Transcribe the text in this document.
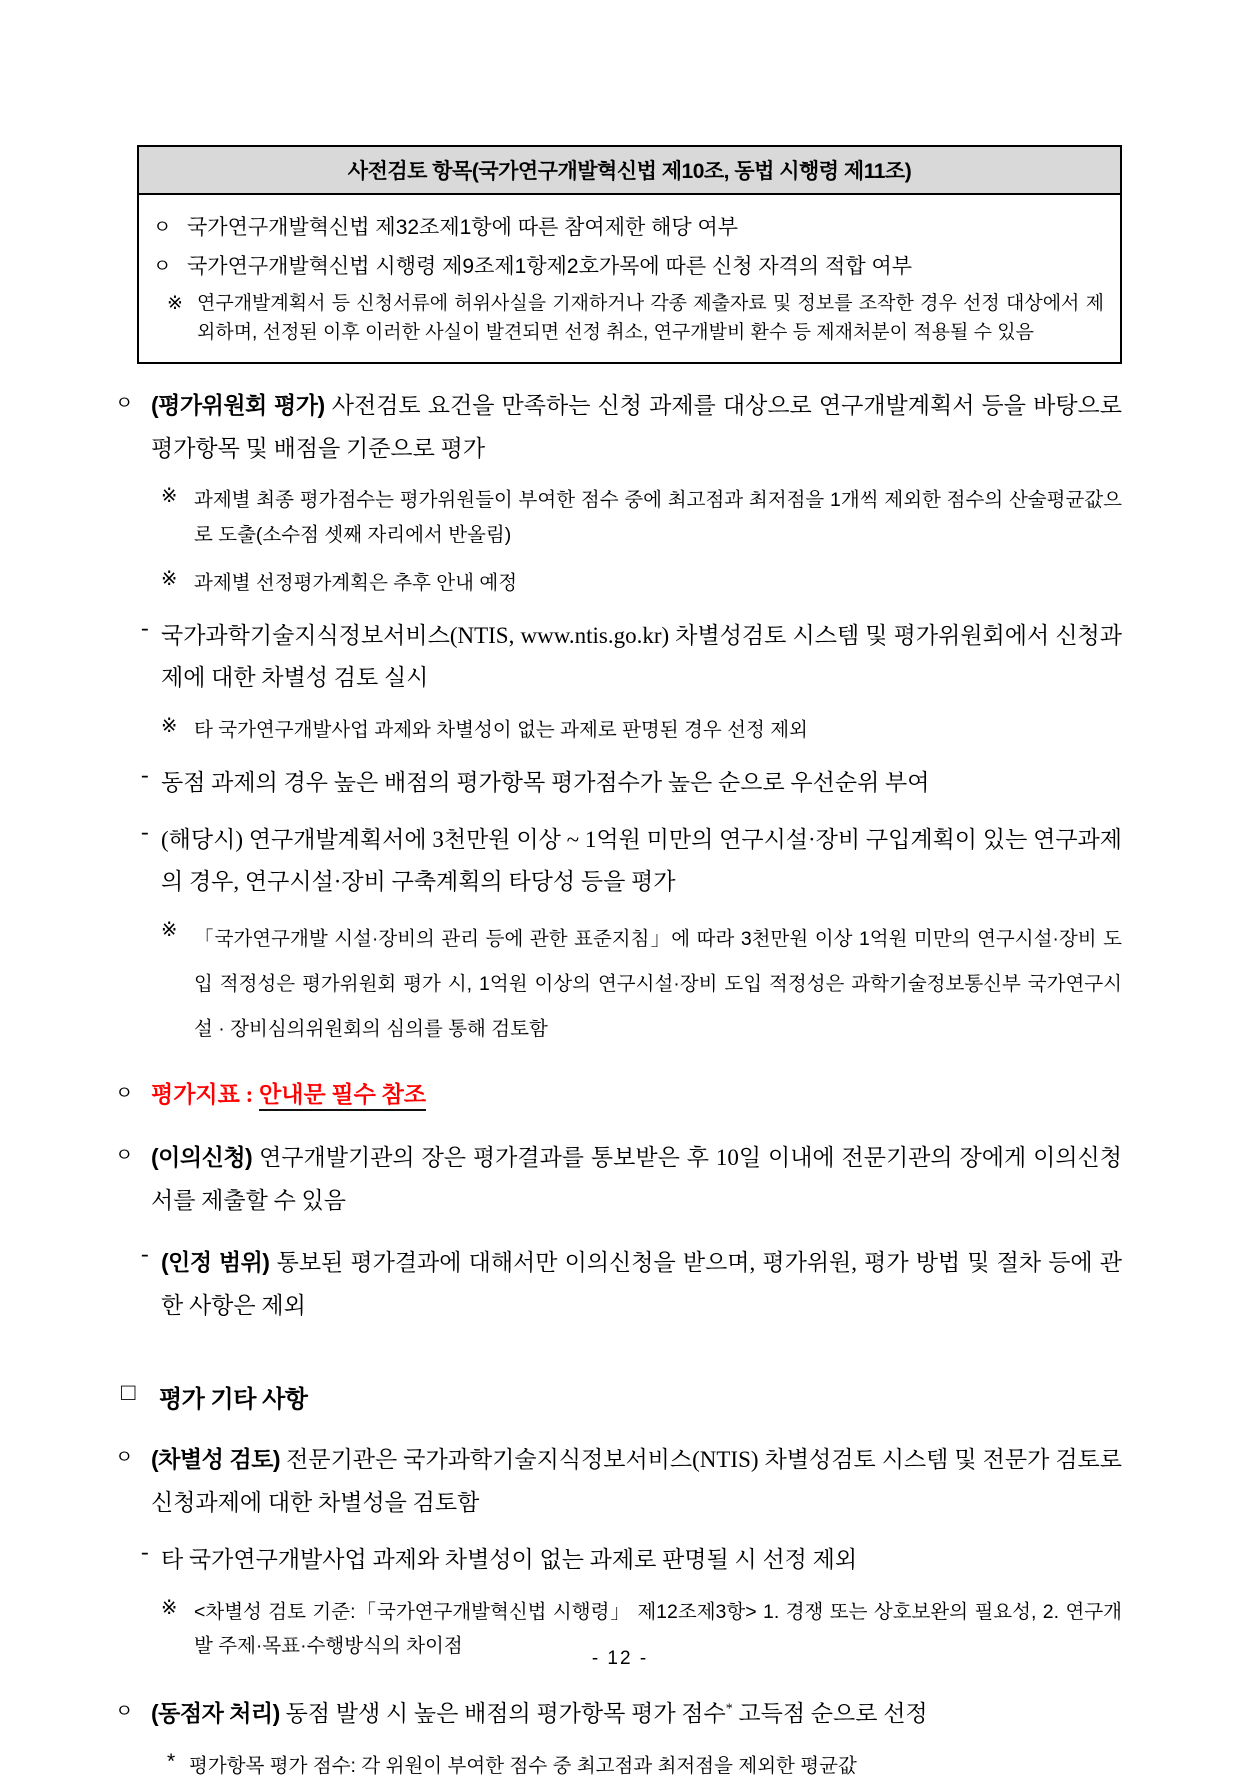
사전검토 항목(국가연구개발혁신법 제10조, 동법 시행령 제11조)
ㅇ 국가연구개발혁신법 제32조제1항에 따른 참여제한 해당 여부

ㅇ 국가연구개발혁신법 시행령 제9조제1항제2호가목에 따른 신청 자격의 적합 여부

※ 연구개발계획서 등 신청서류에 허위사실을 기재하거나 각종 제출자료 및 정보를 조작한 경우 선정 대상에서 제외하며, 선정된 이후 이러한 사실이 발견되면 선정 취소, 연구개발비 환수 등 제재처분이 적용될 수 있음

ㅇ (평가위원회 평가) 사전검토 요건을 만족하는 신청 과제를 대상으로 연구개발계획서 등을 바탕으로 평가항목 및 배점을 기준으로 평가

※ 과제별 최종 평가점수는 평가위원들이 부여한 점수 중에 최고점과 최저점을 1개씩 제외한 점수의 산술평균값으로 도출(소수점 셋째 자리에서 반올림)

※ 과제별 선정평가계획은 추후 안내 예정

- 국가과학기술지식정보서비스(NTIS, www.ntis.go.kr) 차별성검토 시스템 및 평가위원회에서 신청과제에 대한 차별성 검토 실시

※ 타 국가연구개발사업 과제와 차별성이 없는 과제로 판명된 경우 선정 제외

- 동점 과제의 경우 높은 배점의 평가항목 평가점수가 높은 순으로 우선순위 부여

- (해당시) 연구개발계획서에 3천만원 이상 ~ 1억원 미만의 연구시설·장비 구입계획이 있는 연구과제의 경우, 연구시설·장비 구축계획의 타당성 등을 평가

※ 「국가연구개발 시설·장비의 관리 등에 관한 표준지침」에 따라 3천만원 이상 1억원 미만의 연구시설·장비 도입 적정성은 평가위원회 평가 시, 1억원 이상의 연구시설·장비 도입 적정성은 과학기술정보통신부 국가연구시설 · 장비심의위원회의 심의를 통해 검토함

ㅇ 평가지표 : 안내문 필수 참조

ㅇ (이의신청) 연구개발기관의 장은 평가결과를 통보받은 후 10일 이내에 전문기관의 장에게 이의신청서를 제출할 수 있음

- (인정 범위) 통보된 평가결과에 대해서만 이의신청을 받으며, 평가위원, 평가 방법 및 절차 등에 관한 사항은 제외

□	평가 기타 사항
ㅇ (차별성 검토) 전문기관은 국가과학기술지식정보서비스(NTIS) 차별성검토 시스템 및 전문가 검토로 신청과제에 대한 차별성을 검토함

- 타 국가연구개발사업 과제와 차별성이 없는 과제로 판명될 시 선정 제외

※ <차별성 검토 기준:「국가연구개발혁신법 시행령」 제12조제3항> 1. 경쟁 또는 상호보완의 필요성, 2. 연구개발 주제·목표·수행방식의 차이점

ㅇ (동점자 처리) 동점 발생 시 높은 배점의 평가항목 평가 점수* 고득점 순으로 선정

* 평가항목 평가 점수: 각 위원이 부여한 점수 중 최고점과 최저점을 제외한 평균값

- 12 -
